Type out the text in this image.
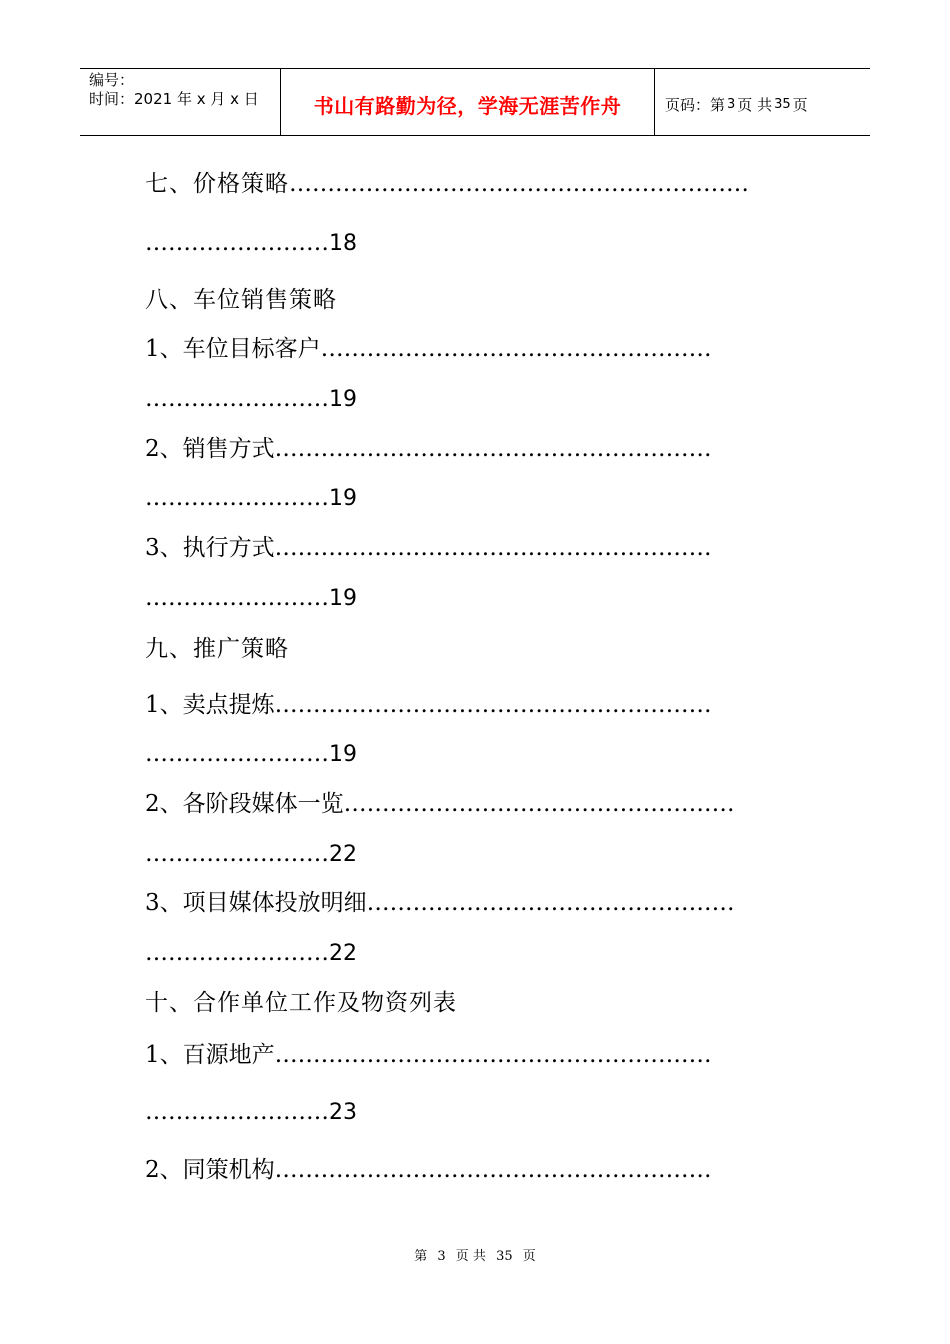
编号：
时间：2021 年 x 月 x 日	书山有路勤为径，学海无涯苦作舟	页码：第 3 页 共 35 页
七、价格策略……………………………………………………
……………………18
八、车位销售策略
1、车位目标客户……………………………………………
……………………19
2、销售方式…………………………………………………
……………………19
3、执行方式…………………………………………………
……………………19
九、推广策略
1、卖点提炼…………………………………………………
……………………19
2、各阶段媒体一览……………………………………………
……………………22
3、项目媒体投放明细…………………………………………
……………………22
十、合作单位工作及物资列表
1、百源地产…………………………………………………
……………………23
2、同策机构…………………………………………………
第 3 页 共 35 页
